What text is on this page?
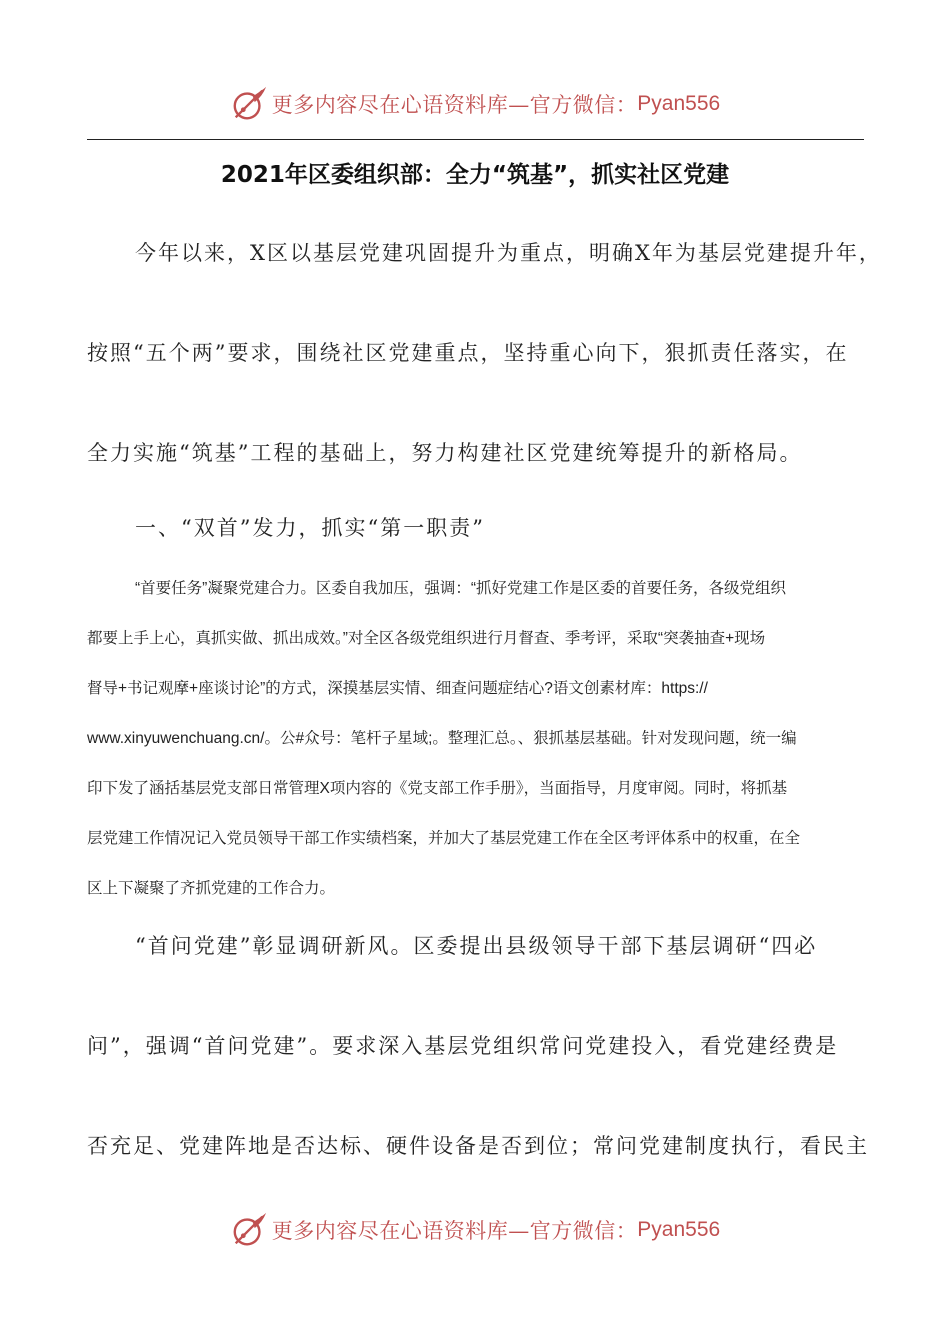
更多内容尽在心语资料库—官方微信： Pyan556
2021年区委组织部：全力“筑基”，抓实社区党建
今年以来，X区以基层党建巩固提升为重点，明确X年为基层党建提升年，
按照“五个两”要求，围绕社区党建重点，坚持重心向下，狠抓责任落实，在
全力实施“筑基”工程的基础上，努力构建社区党建统筹提升的新格局。
一、“双首”发力，抓实“第一职责”
“首要任务”凝聚党建合力。区委自我加压，强调：“抓好党建工作是区委的首要任务，各级党组织
都要上手上心，真抓实做、抓出成效。”对全区各级党组织进行月督查、季考评，采取“突袭抽查+现场
督导+书记观摩+座谈讨论”的方式，深摸基层实情、细查问题症结心?语文创素材库：https://
www.xinyuwenchuang.cn/。公#众号：笔杆子星域;。整理汇总。、狠抓基层基础。针对发现问题，统一编
印下发了涵括基层党支部日常管理X项内容的《党支部工作手册》，当面指导，月度审阅。同时，将抓基
层党建工作情况记入党员领导干部工作实绩档案，并加大了基层党建工作在全区考评体系中的权重，在全
区上下凝聚了齐抓党建的工作合力。
“首问党建”彰显调研新风。区委提出县级领导干部下基层调研“四必
问”，强调“首问党建”。要求深入基层党组织常问党建投入，看党建经费是
否充足、党建阵地是否达标、硬件设备是否到位；常问党建制度执行，看民主
更多内容尽在心语资料库—官方微信： Pyan556
